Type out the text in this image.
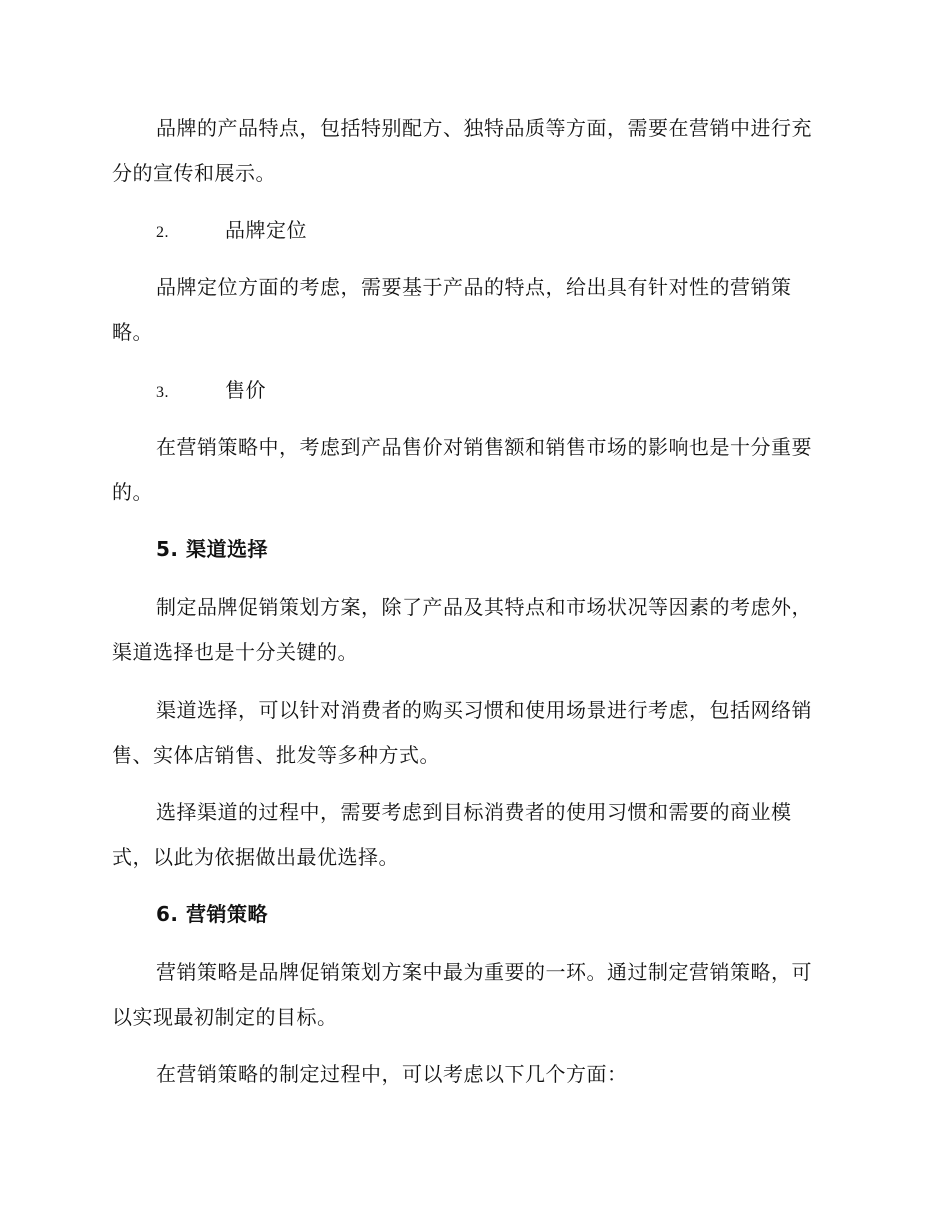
品牌的产品特点，包括特别配方、独特品质等方面，需要在营销中进行充分的宣传和展示。

2.	品牌定位

品牌定位方面的考虑，需要基于产品的特点，给出具有针对性的营销策略。

3.	售价

在营销策略中，考虑到产品售价对销售额和销售市场的影响也是十分重要的。

5. 渠道选择

制定品牌促销策划方案，除了产品及其特点和市场状况等因素的考虑外，渠道选择也是十分关键的。

渠道选择，可以针对消费者的购买习惯和使用场景进行考虑，包括网络销售、实体店销售、批发等多种方式。

选择渠道的过程中，需要考虑到目标消费者的使用习惯和需要的商业模式，以此为依据做出最优选择。

6. 营销策略

营销策略是品牌促销策划方案中最为重要的一环。通过制定营销策略，可以实现最初制定的目标。

在营销策略的制定过程中，可以考虑以下几个方面：
